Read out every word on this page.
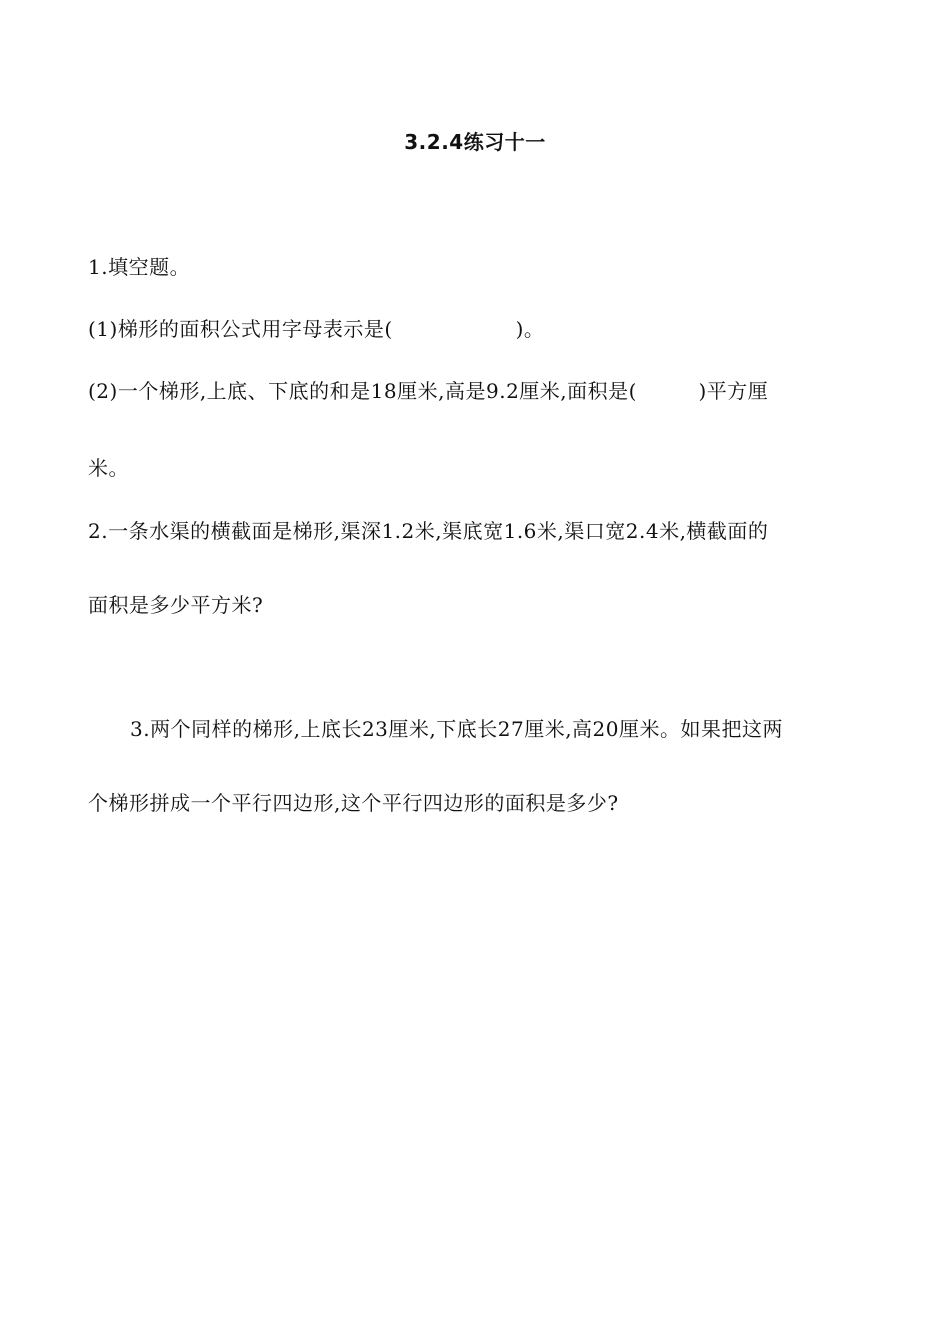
3.2.4练习十一
1.填空题。
(1)梯形的面积公式用字母表示是(　　　　　　)。
(2)一个梯形,上底、下底的和是18厘米,高是9.2厘米,面积是(　　　)平方厘
米。
2.一条水渠的横截面是梯形,渠深1.2米,渠底宽1.6米,渠口宽2.4米,横截面的
面积是多少平方米?
3.两个同样的梯形,上底长23厘米,下底长27厘米,高20厘米。如果把这两
个梯形拼成一个平行四边形,这个平行四边形的面积是多少?
